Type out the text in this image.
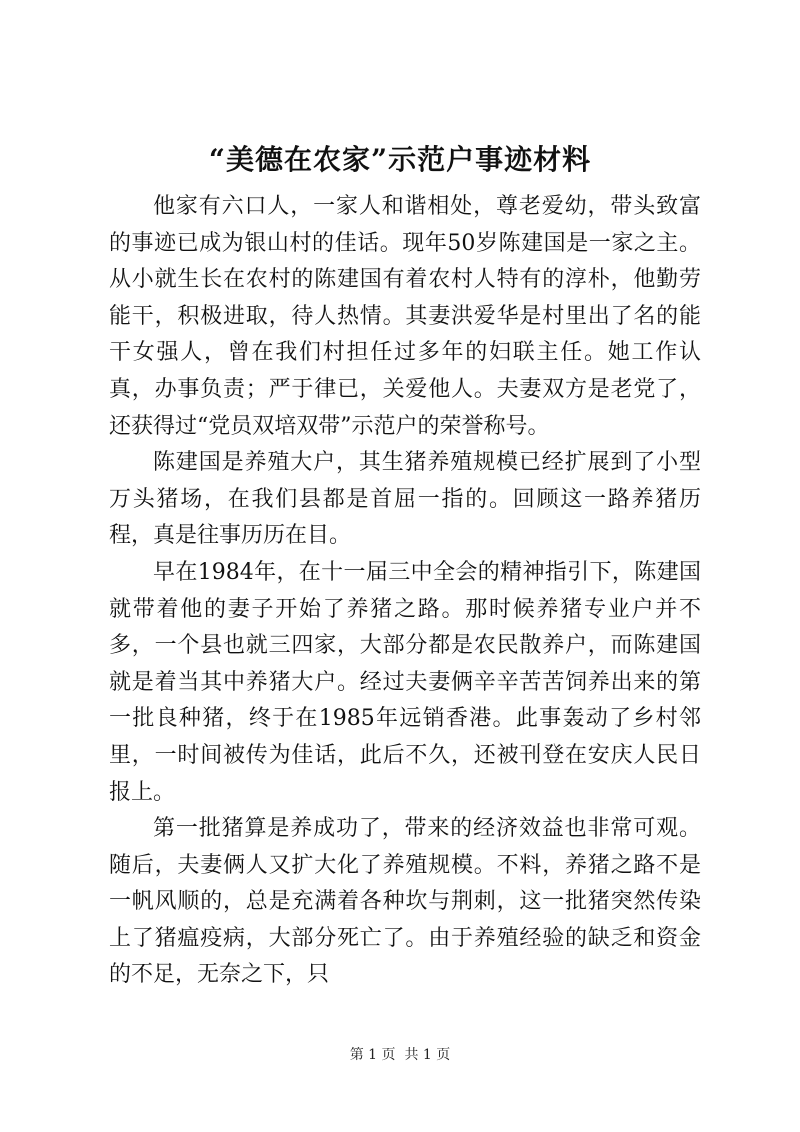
“美德在农家”示范户事迹材料

他家有六口人，一家人和谐相处，尊老爱幼，带头致富的事迹已成为银山村的佳话。现年50岁陈建国是一家之主。从小就生长在农村的陈建国有着农村人特有的淳朴，他勤劳能干，积极进取，待人热情。其妻洪爱华是村里出了名的能干女强人，曾在我们村担任过多年的妇联主任。她工作认真，办事负责；严于律已，关爱他人。夫妻双方是老党了，还获得过“党员双培双带”示范户的荣誉称号。

陈建国是养殖大户，其生猪养殖规模已经扩展到了小型万头猪场，在我们县都是首屈一指的。回顾这一路养猪历程，真是往事历历在目。

早在1984年，在十一届三中全会的精神指引下，陈建国就带着他的妻子开始了养猪之路。那时候养猪专业户并不多，一个县也就三四家，大部分都是农民散养户，而陈建国就是着当其中养猪大户。经过夫妻俩辛辛苦苦饲养出来的第一批良种猪，终于在1985年远销香港。此事轰动了乡村邻里，一时间被传为佳话，此后不久，还被刊登在安庆人民日报上。

第一批猪算是养成功了，带来的经济效益也非常可观。随后，夫妻俩人又扩大化了养殖规模。不料，养猪之路不是一帆风顺的，总是充满着各种坎与荆刺，这一批猪突然传染上了猪瘟疫病，大部分死亡了。由于养殖经验的缺乏和资金的不足，无奈之下，只

第 1 页  共 1 页
